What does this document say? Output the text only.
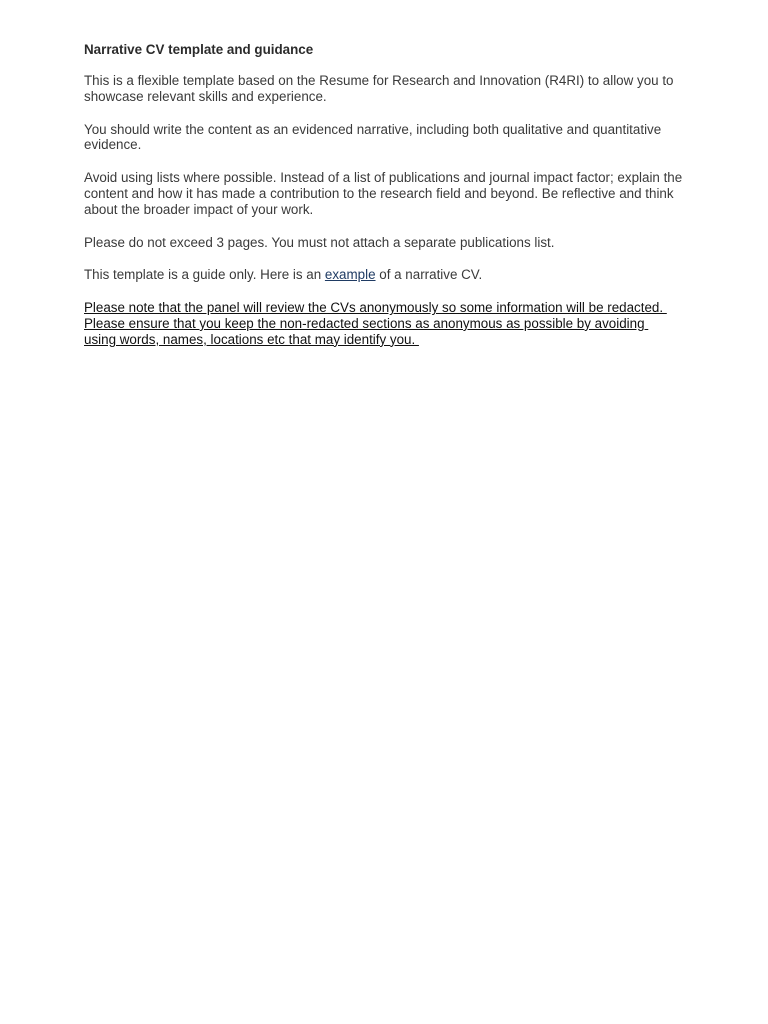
Narrative CV template and guidance

This is a flexible template based on the Resume for Research and Innovation (R4RI) to allow you to showcase relevant skills and experience.

You should write the content as an evidenced narrative, including both qualitative and quantitative evidence.

Avoid using lists where possible. Instead of a list of publications and journal impact factor; explain the content and how it has made a contribution to the research field and beyond. Be reflective and think about the broader impact of your work.

Please do not exceed 3 pages. You must not attach a separate publications list.

This template is a guide only. Here is an example of a narrative CV.

Please note that the panel will review the CVs anonymously so some information will be redacted.
Please ensure that you keep the non-redacted sections as anonymous as possible by avoiding
using words, names, locations etc that may identify you.
